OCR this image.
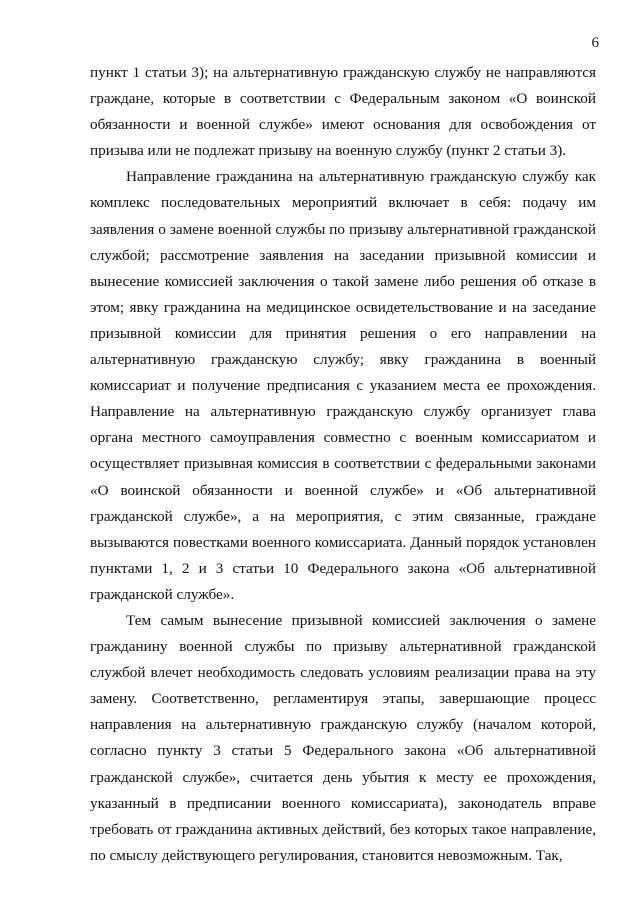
6

пункт 1 статьи 3); на альтернативную гражданскую службу не направляются граждане, которые в соответствии с Федеральным законом «О воинской обязанности и военной службе» имеют основания для освобождения от призыва или не подлежат призыву на военную службу (пункт 2 статьи 3).

Направление гражданина на альтернативную гражданскую службу как комплекс последовательных мероприятий включает в себя: подачу им заявления о замене военной службы по призыву альтернативной гражданской службой; рассмотрение заявления на заседании призывной комиссии и вынесение комиссией заключения о такой замене либо решения об отказе в этом; явку гражданина на медицинское освидетельствование и на заседание призывной комиссии для принятия решения о его направлении на альтернативную гражданскую службу; явку гражданина в военный комиссариат и получение предписания с указанием места ее прохождения. Направление на альтернативную гражданскую службу организует глава органа местного самоуправления совместно с военным комиссариатом и осуществляет призывная комиссия в соответствии с федеральными законами «О воинской обязанности и военной службе» и «Об альтернативной гражданской службе», а на мероприятия, с этим связанные, граждане вызываются повестками военного комиссариата. Данный порядок установлен пунктами 1, 2 и 3 статьи 10 Федерального закона «Об альтернативной гражданской службе».

Тем самым вынесение призывной комиссией заключения о замене гражданину военной службы по призыву альтернативной гражданской службой влечет необходимость следовать условиям реализации права на эту замену. Соответственно, регламентируя этапы, завершающие процесс направления на альтернативную гражданскую службу (началом которой, согласно пункту 3 статьи 5 Федерального закона «Об альтернативной гражданской службе», считается день убытия к месту ее прохождения, указанный в предписании военного комиссариата), законодатель вправе требовать от гражданина активных действий, без которых такое направление, по смыслу действующего регулирования, становится невозможным. Так,
